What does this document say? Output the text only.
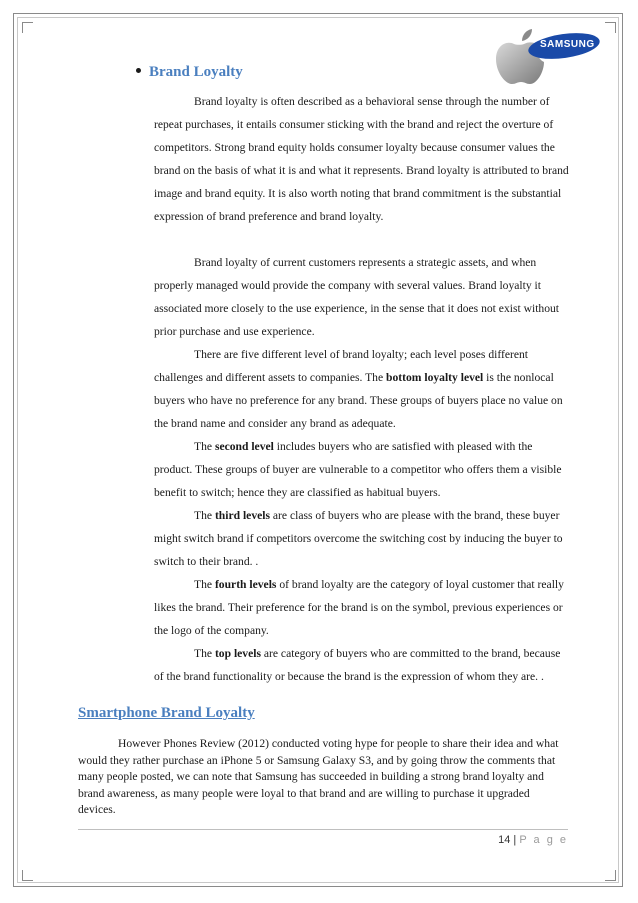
SAMSUNG
Brand Loyalty

Brand loyalty is often described as a behavioral sense through the number of repeat purchases, it entails consumer sticking with the brand and reject the overture of competitors. Strong brand equity holds consumer loyalty because consumer values the brand on the basis of what it is and what it represents. Brand loyalty is attributed to brand image and brand equity. It is also worth noting that brand commitment is the substantial expression of brand preference and brand loyalty.

Brand loyalty of current customers represents a strategic assets, and when properly managed would provide the company with several values. Brand loyalty it associated more closely to the use experience, in the sense that it does not exist without prior purchase and use experience.

There are five different level of brand loyalty; each level poses different challenges and different assets to companies. The bottom loyalty level is the nonlocal buyers who have no preference for any brand. These groups of buyers place no value on the brand name and consider any brand as adequate.

The second level includes buyers who are satisfied with pleased with the product. These groups of buyer are vulnerable to a competitor who offers them a visible benefit to switch; hence they are classified as habitual buyers.

The third levels are class of buyers who are please with the brand, these buyer might switch brand if competitors overcome the switching cost by inducing the buyer to switch to their brand. .

The fourth levels of brand loyalty are the category of loyal customer that really likes the brand. Their preference for the brand is on the symbol, previous experiences or the logo of the company.

The top levels are category of buyers who are committed to the brand, because of the brand functionality or because the brand is the expression of whom they are. .

Smartphone Brand Loyalty

However Phones Review (2012) conducted voting hype for people to share their idea and what would they rather purchase an iPhone 5 or Samsung Galaxy S3, and by going throw the comments that many people posted, we can note that Samsung has succeeded in building a strong brand loyalty and brand awareness, as many people were loyal to that brand and are willing to purchase it upgraded devices.

14 | P a g e
